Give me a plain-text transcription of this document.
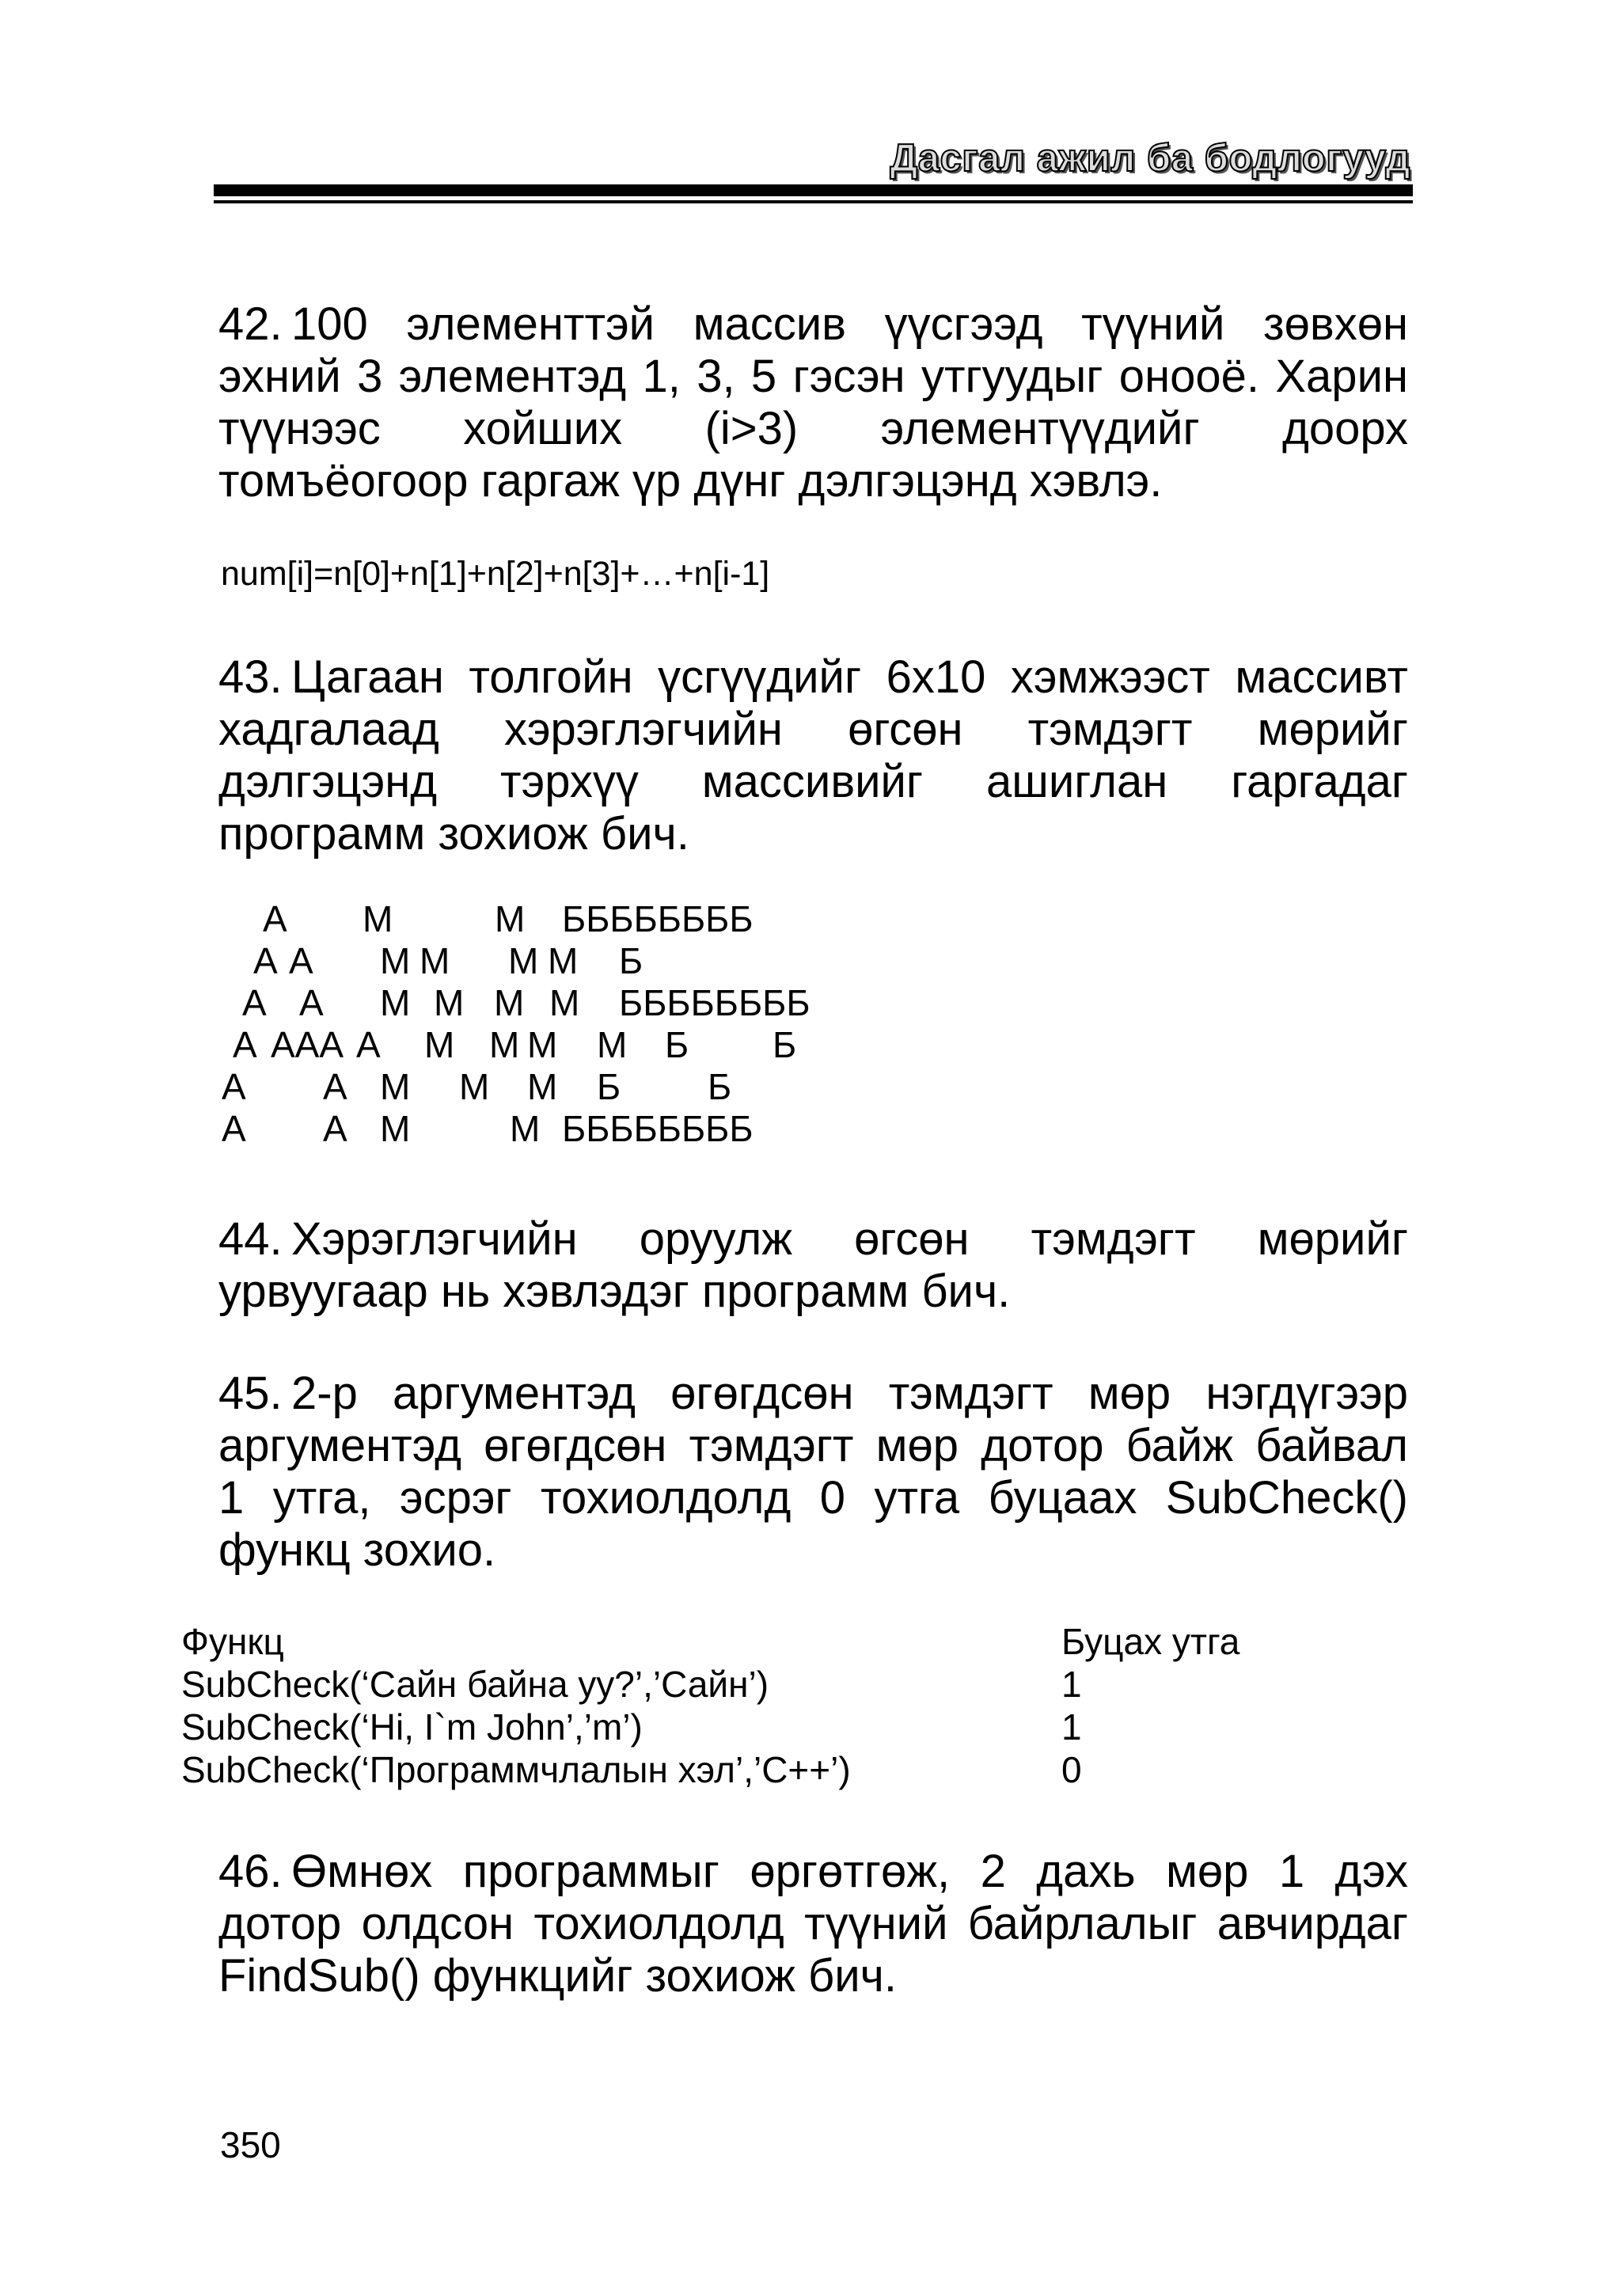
Дасгал ажил ба бодлогууд
42. 100 элементтэй массив үүсгээд түүний зөвхөн
эхний 3 элементэд 1, 3, 5 гэсэн утгуудыг онооё. Харин
түүнээс хойших (i>3) элементүүдийг доорх
томъёогоор гаргаж үр дүнг дэлгэцэнд хэвлэ.
num[i]=n[0]+n[1]+n[2]+n[3]+…+n[i-1]
43. Цагаан толгойн үсгүүдийг 6x10 хэмжээст массивт
хадгалаад хэрэглэгчийн өгсөн тэмдэгт мөрийг
дэлгэцэнд тэрхүү массивийг ашиглан гаргадаг
программ зохиож бич.
А М	М ББББББББ
А А М М М М Б
А А М М М М ББББББББ
А ААА А М М М М Б Б
А А М М М Б Б
А А М	М ББББББББ
44. Хэрэглэгчийн оруулж өгсөн тэмдэгт мөрийг
урвуугаар нь хэвлэдэг программ бич.
45. 2-р аргументэд өгөгдсөн тэмдэгт мөр нэгдүгээр
аргументэд өгөгдсөн тэмдэгт мөр дотор байж байвал
1 утга, эсрэг тохиолдолд 0 утга буцаах SubCheck()
функц зохио.
Функц	Буцах утга
SubCheck(‘Сайн байна уу?’,’Сайн’)	1
SubCheck(‘Hi, I`m John’,’m’)	1
SubCheck(‘Программчлалын хэл’,’C++’)	0
46. Өмнөх программыг өргөтгөж, 2 дахь мөр 1 дэх
дотор олдсон тохиолдолд түүний байрлалыг авчирдаг
FindSub() функцийг зохиож бич.
350
